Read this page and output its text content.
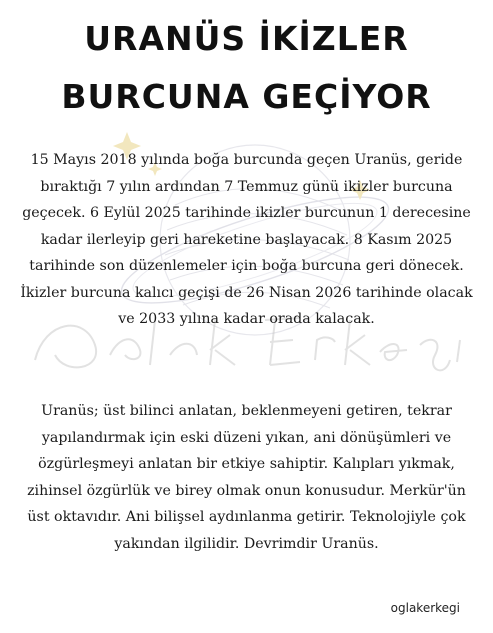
URANÜS İKİZLER
BURCUNA GEÇİYOR

15 Mayıs 2018 yılında boğa burcunda geçen Uranüs, geride bıraktığı 7 yılın ardından 7 Temmuz günü ikizler burcuna geçecek. 6 Eylül 2025 tarihinde ikizler burcunun 1 derecesine kadar ilerleyip geri hareketine başlayacak. 8 Kasım 2025 tarihinde son düzenlemeler için boğa burcuna geri dönecek. İkizler burcuna kalıcı geçişi de 26 Nisan 2026 tarihinde olacak ve 2033 yılına kadar orada kalacak.

Uranüs; üst bilinci anlatan, beklenmeyeni getiren, tekrar yapılandırmak için eski düzeni yıkan, ani dönüşümleri ve özgürleşmeyi anlatan bir etkiye sahiptir. Kalıpları yıkmak, zihinsel özgürlük ve birey olmak onun konusudur. Merkür'ün üst oktavıdır. Ani bilişsel aydınlanma getirir. Teknolojiyle çok yakından ilgilidir. Devrimdir Uranüs.

oglakerkegi
